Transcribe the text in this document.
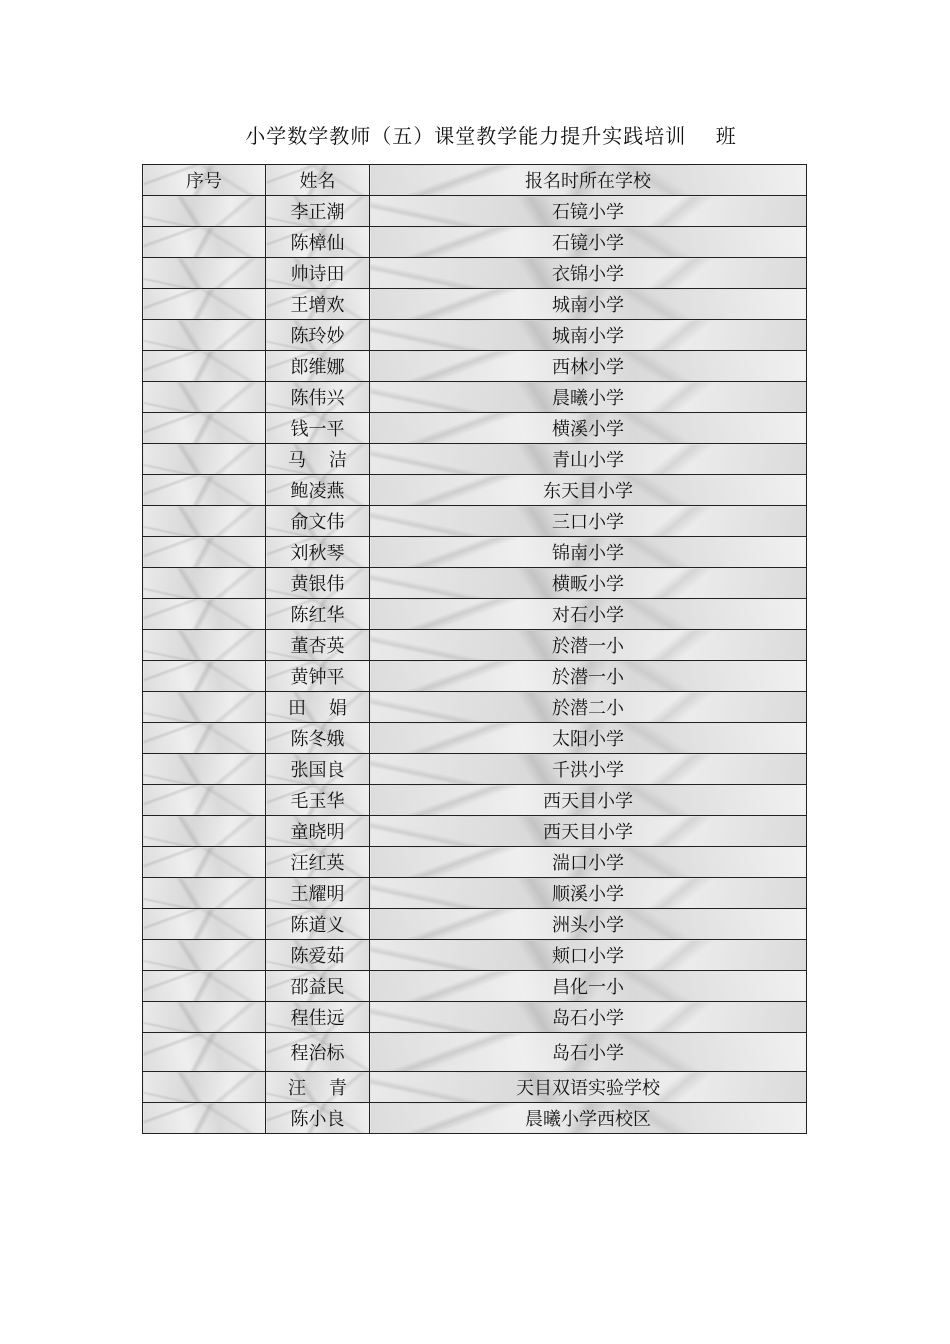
小学数学教师（五）课堂教学能力提升实践培训    班
序号	姓名	报名时所在学校
	李正潮	石镜小学
	陈樟仙	石镜小学
	帅诗田	衣锦小学
	王增欢	城南小学
	陈玲妙	城南小学
	郎维娜	西林小学
	陈伟兴	晨曦小学
	钱一平	横溪小学
	马    洁	青山小学
	鲍凌燕	东天目小学
	俞文伟	三口小学
	刘秋琴	锦南小学
	黄银伟	横畈小学
	陈红华	对石小学
	董杏英	於潜一小
	黄钟平	於潜一小
	田    娟	於潜二小
	陈冬娥	太阳小学
	张国良	千洪小学
	毛玉华	西天目小学
	童晓明	西天目小学
	汪红英	湍口小学
	王耀明	顺溪小学
	陈道义	洲头小学
	陈爱茹	颊口小学
	邵益民	昌化一小
	程佳远	岛石小学
	程治标	岛石小学
	汪    青	天目双语实验学校
	陈小良	晨曦小学西校区
